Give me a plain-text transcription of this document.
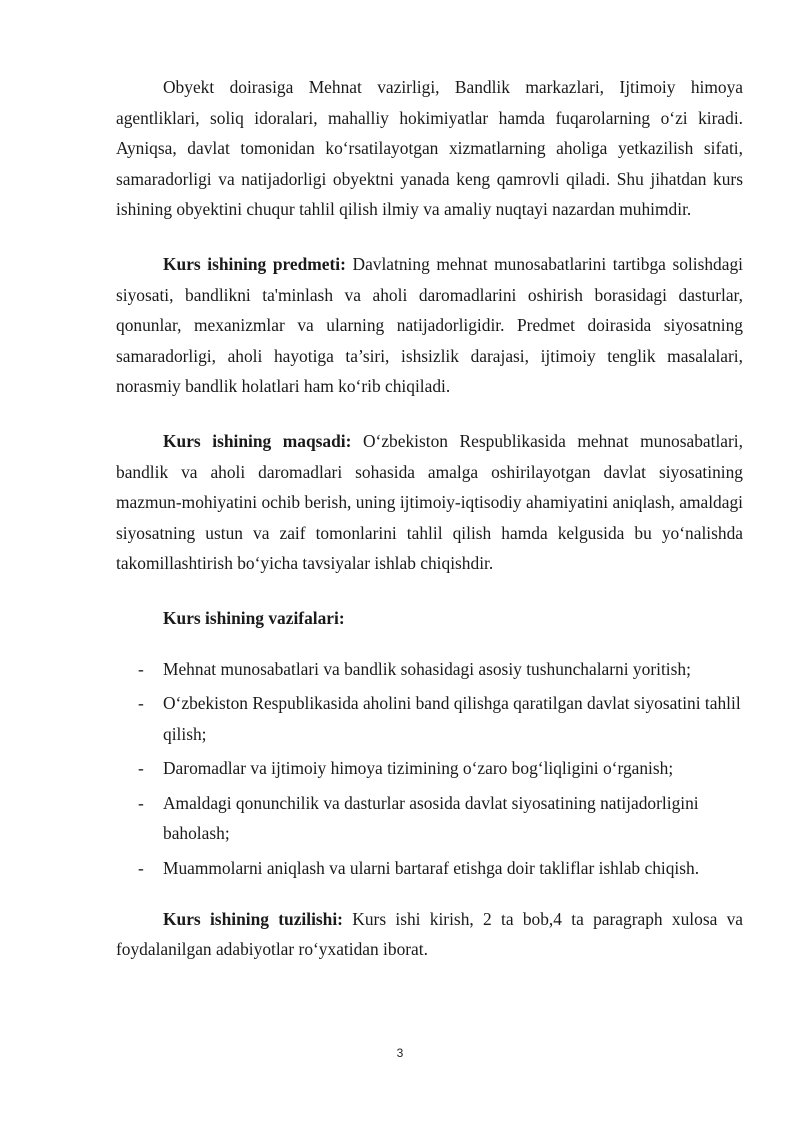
Obyekt doirasiga Mehnat vazirligi, Bandlik markazlari, Ijtimoiy himoya agentliklari, soliq idoralari, mahalliy hokimiyatlar hamda fuqarolarning o‘zi kiradi. Ayniqsa, davlat tomonidan ko‘rsatilayotgan xizmatlarning aholiga yetkazilish sifati, samaradorligi va natijadorligi obyektni yanada keng qamrovli qiladi. Shu jihatdan kurs ishining obyektini chuqur tahlil qilish ilmiy va amaliy nuqtayi nazardan muhimdir.

Kurs ishining predmeti: Davlatning mehnat munosabatlarini tartibga solishdagi siyosati, bandlikni ta'minlash va aholi daromadlarini oshirish borasidagi dasturlar, qonunlar, mexanizmlar va ularning natijadorligidir. Predmet doirasida siyosatning samaradorligi, aholi hayotiga ta’siri, ishsizlik darajasi, ijtimoiy tenglik masalalari, norasmiy bandlik holatlari ham ko‘rib chiqiladi.

Kurs ishining maqsadi: O‘zbekiston Respublikasida mehnat munosabatlari, bandlik va aholi daromadlari sohasida amalga oshirilayotgan davlat siyosatining mazmun-mohiyatini ochib berish, uning ijtimoiy-iqtisodiy ahamiyatini aniqlash, amaldagi siyosatning ustun va zaif tomonlarini tahlil qilish hamda kelgusida bu yo‘nalishda takomillashtirish bo‘yicha tavsiyalar ishlab chiqishdir.

Kurs ishining vazifalari:

- Mehnat munosabatlari va bandlik sohasidagi asosiy tushunchalarni yoritish;
- O‘zbekiston Respublikasida aholini band qilishga qaratilgan davlat siyosatini tahlil qilish;
- Daromadlar va ijtimoiy himoya tizimining o‘zaro bog‘liqligini o‘rganish;
- Amaldagi qonunchilik va dasturlar asosida davlat siyosatining natijadorligini baholash;
- Muammolarni aniqlash va ularni bartaraf etishga doir takliflar ishlab chiqish.

Kurs ishining tuzilishi: Kurs ishi kirish, 2 ta bob,4 ta paragraph xulosa va foydalanilgan adabiyotlar ro‘yxatidan iborat.

3
